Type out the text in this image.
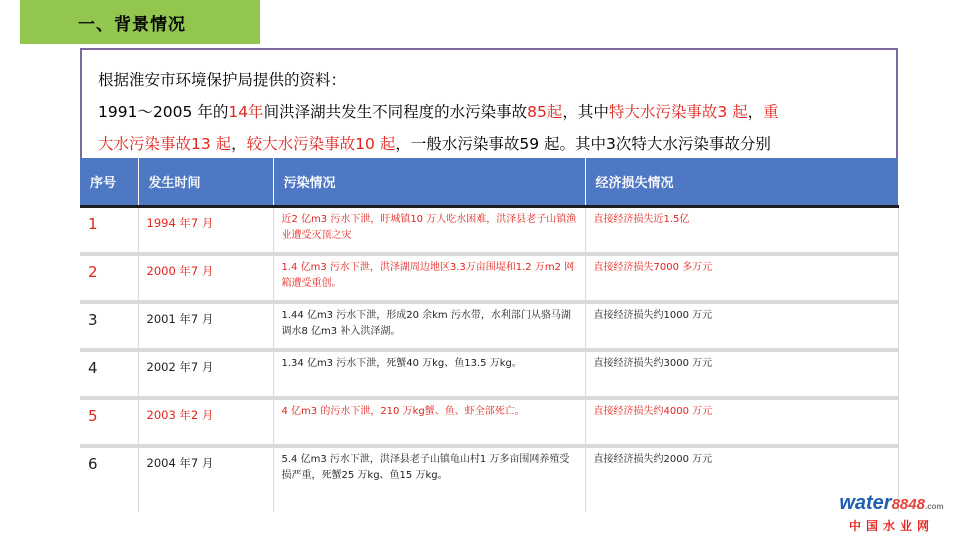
一、背景情况

根据淮安市环境保护局提供的资料：

1991～2005 年的14年间洪泽湖共发生不同程度的水污染事故85起，其中特大水污染事故3 起，重

大水污染事故13 起，较大水污染事故10 起，一般水污染事故59 起。其中3次特大水污染事故分别

序号	发生时间	污染情况	经济损失情况
1	1994 年7 月	近2 亿m3 污水下泄，盱城镇10 万人吃水困难，洪泽县老子山镇渔业遭受灭顶之灾	直接经济损失近1.5亿
2	2000 年7 月	1.4 亿m3 污水下泄，洪泽湖周边地区3.3万亩围堤和1.2 万m2 网箱遭受重创。	直接经济损失7000 多万元
3	2001 年7 月	1.44 亿m3 污水下泄，形成20 余km 污水带，水利部门从骆马湖调水8 亿m3 补入洪泽湖。	直接经济损失约1000 万元
4	2002 年7 月	1.34 亿m3 污水下泄，死蟹40 万kg、鱼13.5 万kg。	直接经济损失约3000 万元
5	2003 年2 月	4 亿m3 的污水下泄，210 万kg蟹、鱼、虾全部死亡。	直接经济损失约4000 万元
6	2004 年7 月	5.4 亿m3 污水下泄，洪泽县老子山镇龟山村1 万多亩围网养殖受损严重，死蟹25 万kg、鱼15 万kg。	直接经济损失约2000 万元
water8848.com
中国水业网
